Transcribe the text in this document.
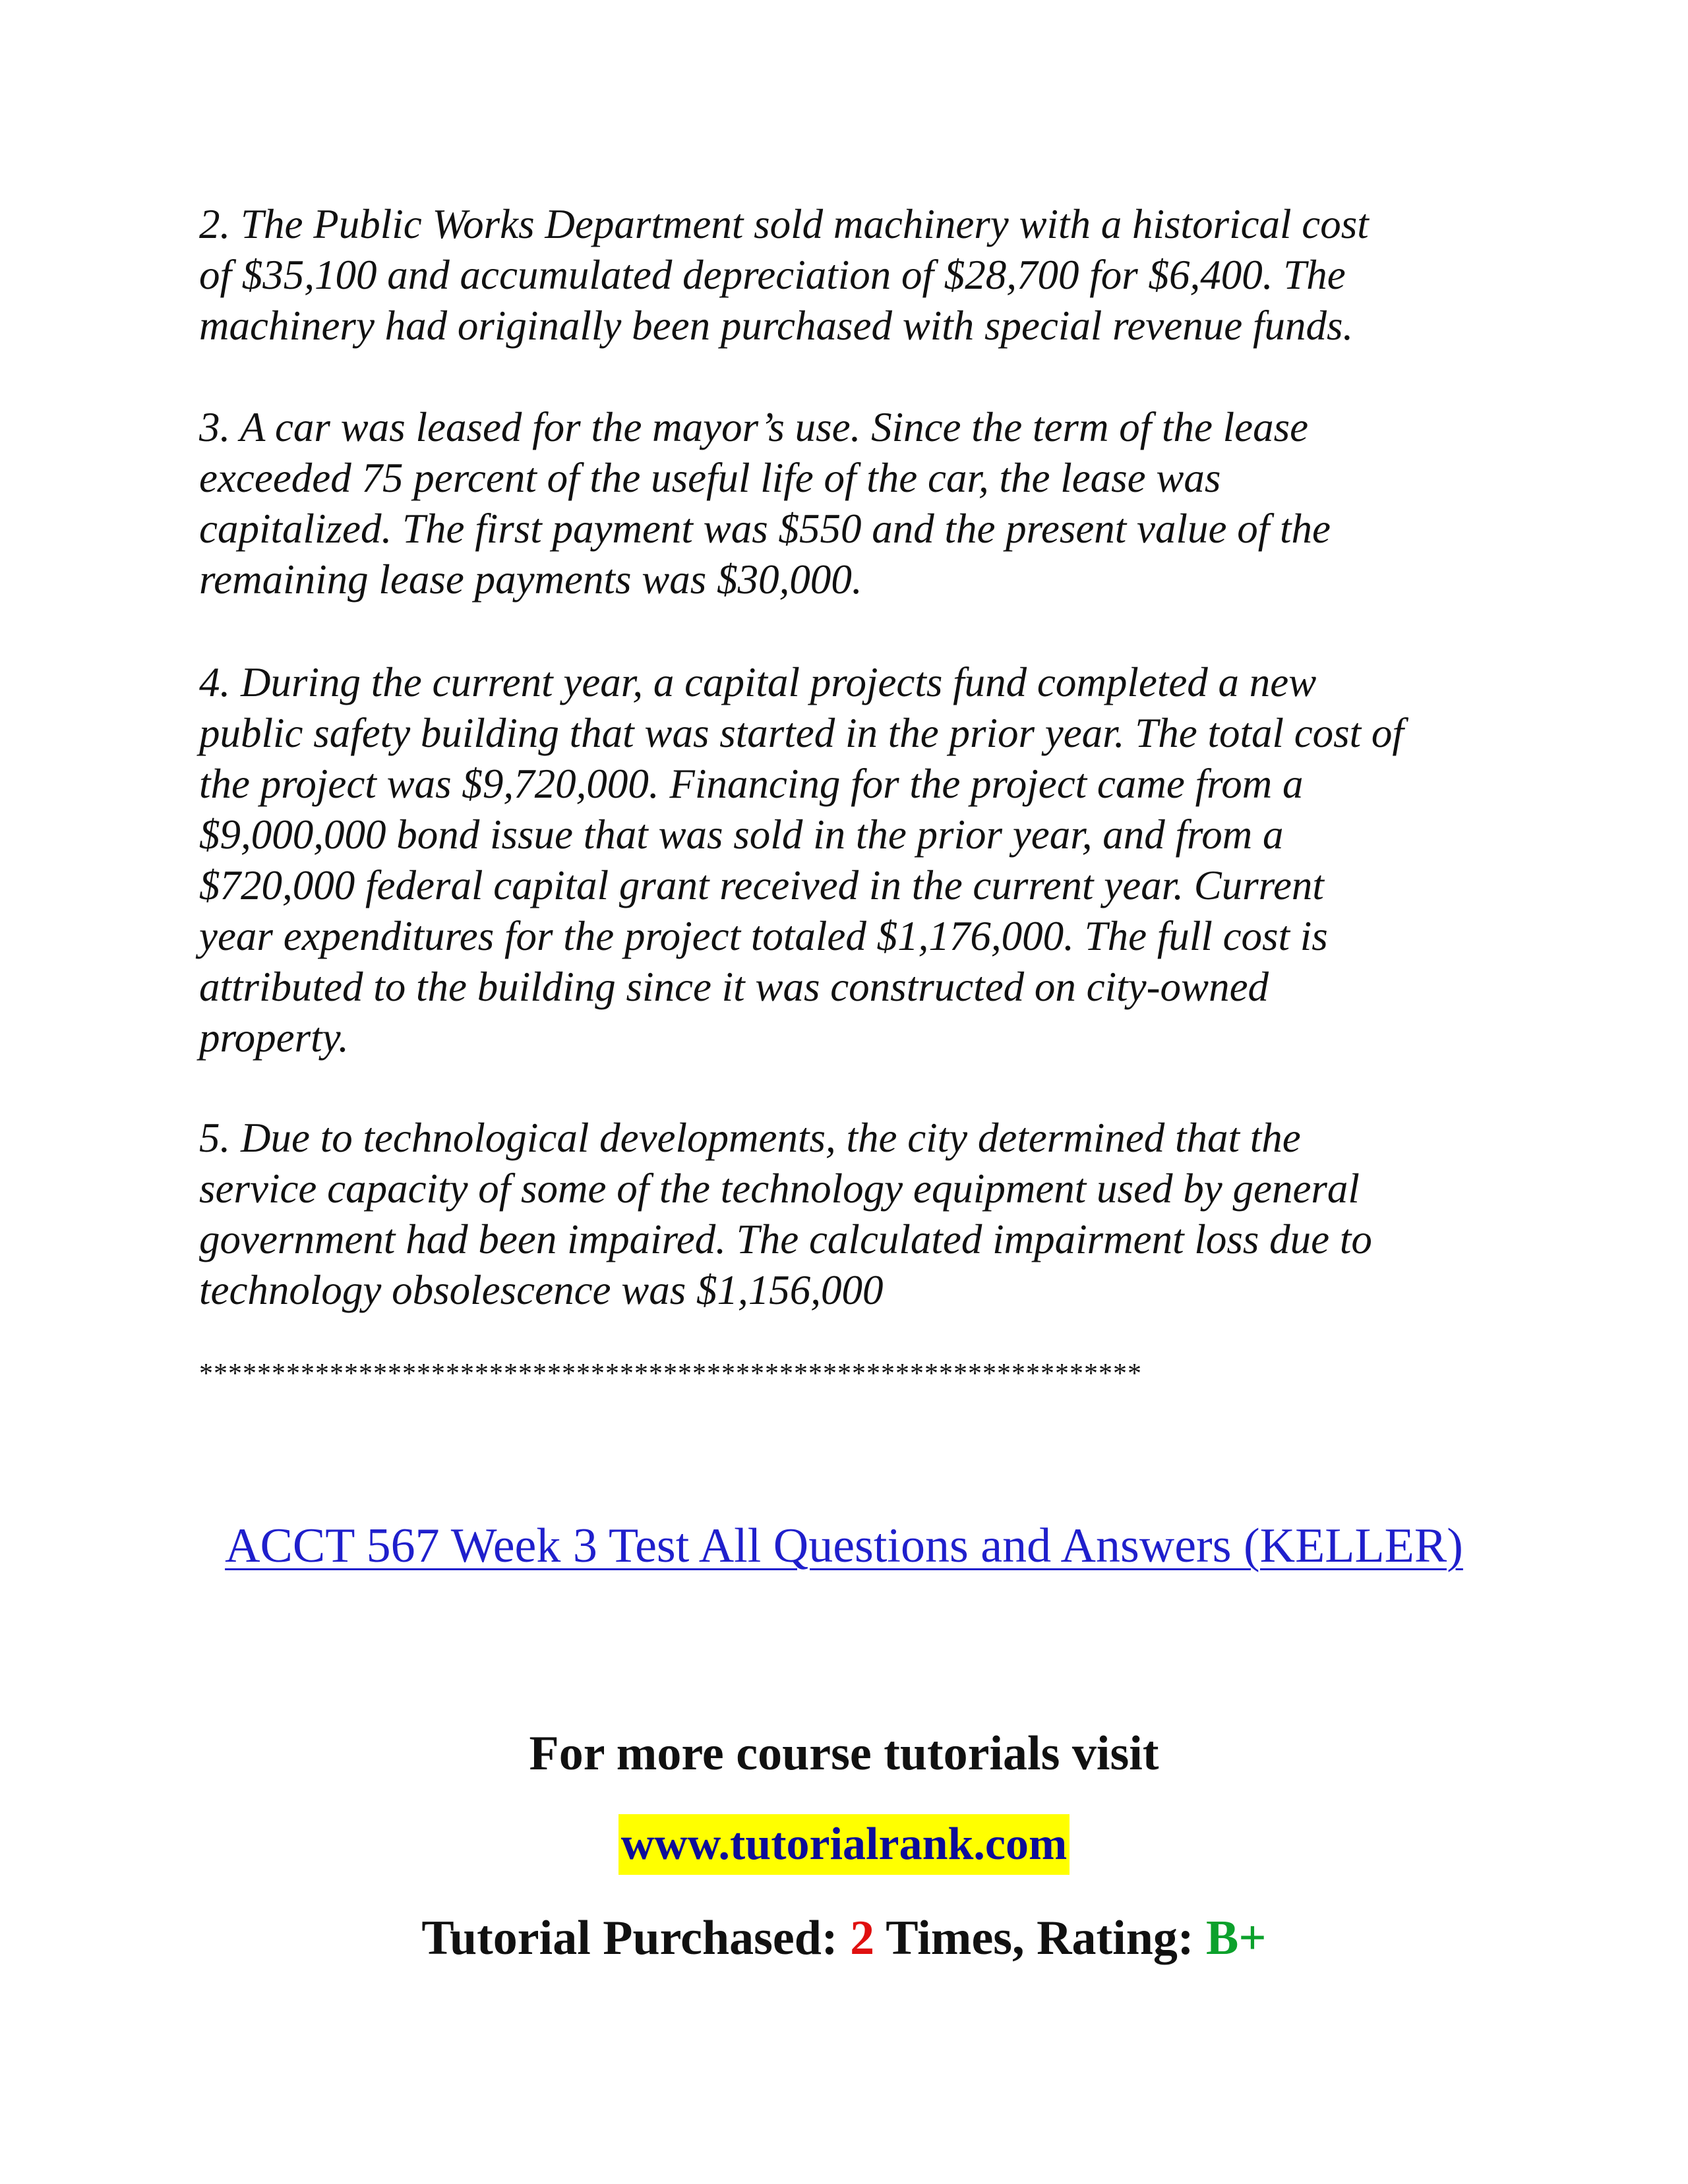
2. The Public Works Department sold machinery with a historical cost
of $35,100 and accumulated depreciation of $28,700 for $6,400. The
machinery had originally been purchased with special revenue funds.

3. A car was leased for the mayor’s use. Since the term of the lease
exceeded 75 percent of the useful life of the car, the lease was
capitalized. The first payment was $550 and the present value of the
remaining lease payments was $30,000.

4. During the current year, a capital projects fund completed a new
public safety building that was started in the prior year. The total cost of
the project was $9,720,000. Financing for the project came from a
$9,000,000 bond issue that was sold in the prior year, and from a
$720,000 federal capital grant received in the current year. Current
year expenditures for the project totaled $1,176,000. The full cost is
attributed to the building since it was constructed on city-owned
property.

5. Due to technological developments, the city determined that the
service capacity of some of the technology equipment used by general
government had been impaired. The calculated impairment loss due to
technology obsolescence was $1,156,000

*****************************************************************

ACCT 567 Week 3 Test All Questions and Answers (KELLER)
For more course tutorials visit
www.tutorialrank.com
Tutorial Purchased: 2 Times, Rating: B+
